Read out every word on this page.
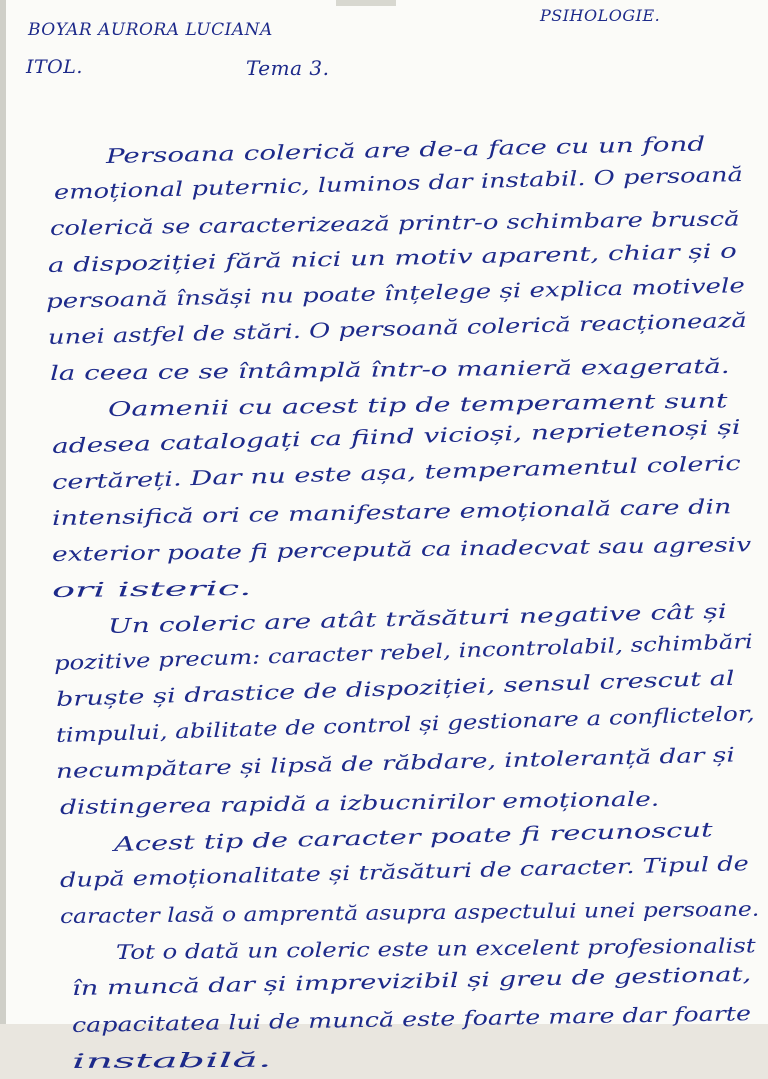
BOYAR AURORA LUCIANA
ITOL.	Tema 3.
PSIHOLOGIE.
Persoana colerică are de-a face cu un fond
emoțional puternic, luminos dar instabil. O persoană
colerică se caracterizează printr-o schimbare bruscă
a dispoziției fără nici un motiv aparent, chiar și o
persoană însăși nu poate înțelege și explica motivele
unei astfel de stări. O persoană colerică reacționează
la ceea ce se întâmplă într-o manieră exagerată.
Oamenii cu acest tip de temperament sunt
adesea catalogați ca fiind vicioși, neprietenoși și
certăreți. Dar nu este așa, temperamentul coleric
intensifică ori ce manifestare emoțională care din
exterior poate fi percepută ca inadecvat sau agresiv
ori isteric.
Un coleric are atât trăsături negative cât și
pozitive precum: caracter rebel, incontrolabil, schimbări
bruște și drastice de dispoziției, sensul crescut al
timpului, abilitate de control și gestionare a conflictelor,
necumpătare și lipsă de răbdare, intoleranță dar și
distingerea rapidă a izbucnirilor emoționale.
Acest tip de caracter poate fi recunoscut
după emoționalitate și trăsături de caracter. Tipul de
caracter lasă o amprentă asupra aspectului unei persoane.
Tot o dată un coleric este un excelent profesionalist
în muncă dar și imprevizibil și greu de gestionat,
capacitatea lui de muncă este foarte mare dar foarte
instabilă.
